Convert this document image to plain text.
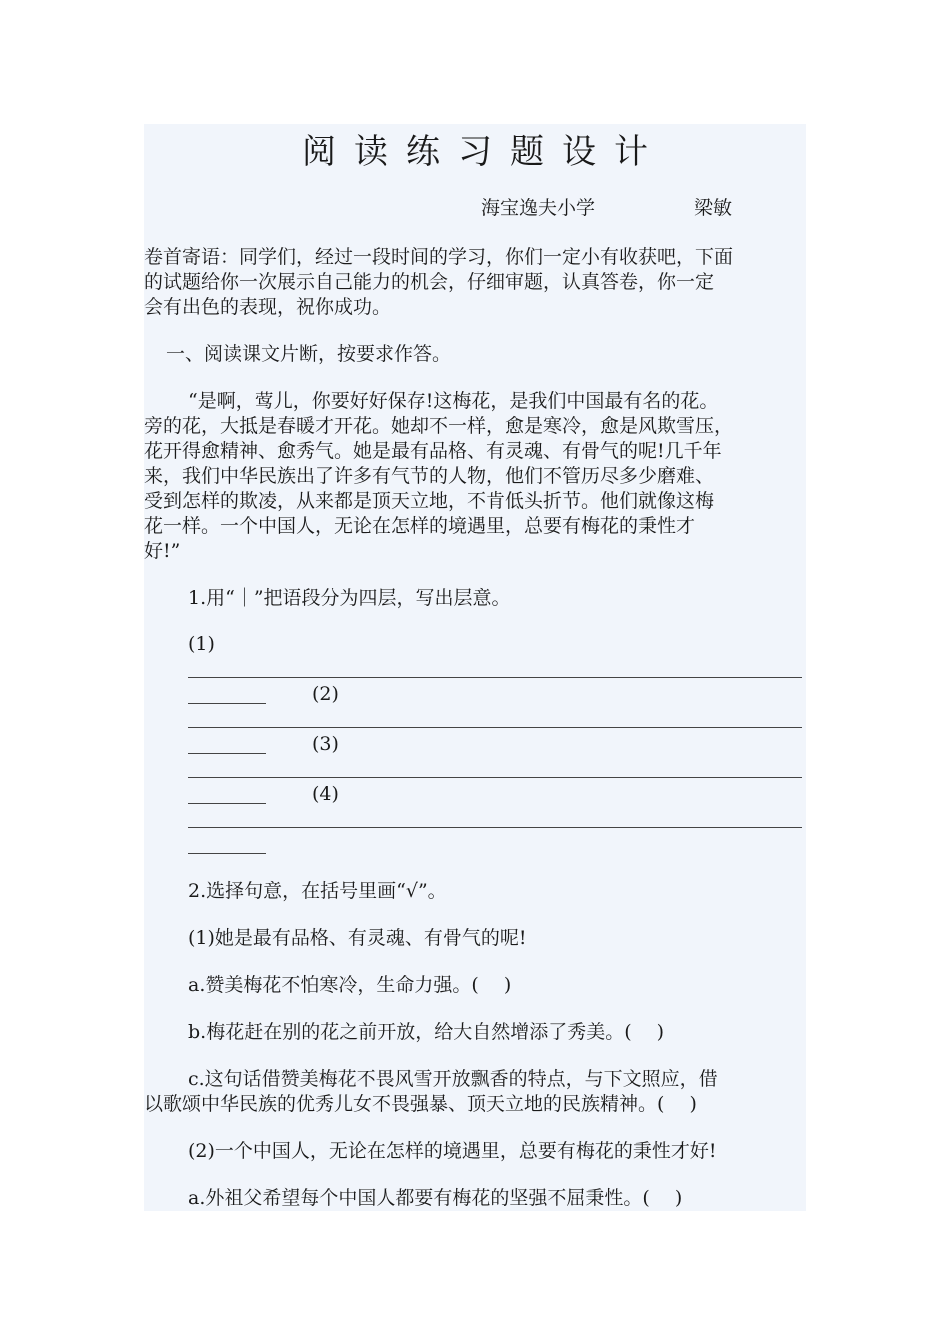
阅读练习题设计
海宝逸夫小学	梁敏
卷首寄语：同学们，经过一段时间的学习，你们一定小有收获吧，下面
的试题给你一次展示自己能力的机会，仔细审题，认真答卷，你一定
会有出色的表现，祝你成功。
一、阅读课文片断，按要求作答。
“是啊，莺儿，你要好好保存!这梅花，是我们中国最有名的花。
旁的花，大抵是春暖才开花。她却不一样，愈是寒冷，愈是风欺雪压，
花开得愈精神、愈秀气。她是最有品格、有灵魂、有骨气的呢!几千年
来，我们中华民族出了许多有气节的人物，他们不管历尽多少磨难、
受到怎样的欺凌，从来都是顶天立地，不肯低头折节。他们就像这梅
花一样。一个中国人，无论在怎样的境遇里，总要有梅花的秉性才
好!”
1.用“｜”把语段分为四层，写出层意。
(1)
(2)
(3)
(4)
2.选择句意，在括号里画“√”。
(1)她是最有品格、有灵魂、有骨气的呢!
a.赞美梅花不怕寒冷，生命力强。(　 )
b.梅花赶在别的花之前开放，给大自然增添了秀美。(　 )
c.这句话借赞美梅花不畏风雪开放飘香的特点，与下文照应，借
以歌颂中华民族的优秀儿女不畏强暴、顶天立地的民族精神。(　 )
(2)一个中国人，无论在怎样的境遇里，总要有梅花的秉性才好!
a.外祖父希望每个中国人都要有梅花的坚强不屈秉性。(　 )
